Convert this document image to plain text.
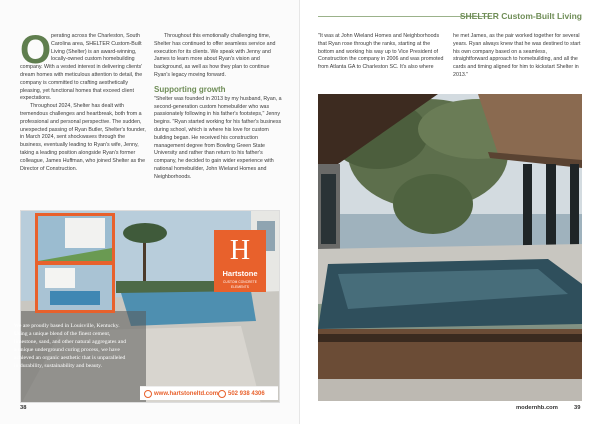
SHELTER Custom-Built Living
O perating across the Charleston, South Carolina area, SHELTER Custom-Built Living (Shelter) is an award-winning, locally-owned custom homebuilding company. With a vested interest in delivering clients' dream homes with meticulous attention to detail, the company is committed to crafting aesthetically pleasing, yet functional homes that exceed client expectations.

Throughout 2024, Shelter has dealt with tremendous challenges and heartbreak, both from a professional and personal perspective. The sudden, unexpected passing of Ryan Butler, Shelter's founder, in March 2024, sent shockwaves through the business, eventually leading to Ryan's wife, Jenny, taking a leading position alongside Ryan's former colleague, James Huffman, who joined Shelter as the Director of Construction.

Throughout this emotionally challenging time, Shelter has continued to offer seamless service and execution for its clients. We speak with Jenny and James to learn more about Ryan's vision and background, as well as how they plan to continue Ryan's legacy moving forward.

Supporting growth

"Shelter was founded in 2013 by my husband, Ryan, a second-generation custom homebuilder who was passionately following in his father's footsteps," Jenny begins. "Ryan started working for his father's business during school, which is where his love for custom building began. He received his construction management degree from Bowling Green State University and rather than return to his father's company, he decided to gain wider experience with national homebuilder, John Wieland Homes and Neighborhoods.

"It was at John Wieland Homes and Neighborhoods that Ryan rose through the ranks, starting at the bottom and working his way up to Vice President of Construction the company in 2006 and was promoted from Atlanta GA to Charleston SC. It's also where

he met James, as the pair worked together for several years. Ryan always knew that he was destined to start his own company based on a seamless, straightforward approach to homebuilding, and all the cards and timing aligned for him to kickstart Shelter in 2013."

H
Hartstone
CUSTOM CONCRETE ELEMENTS
We are proudly based in Louisville, Kentucky. Using a unique blend of the finest cement, limestone, sand, and other natural aggregates and a unique underground curing process, we have achieved an organic aesthetic that is unparalleled in durability, sustainability and beauty.
www.hartstoneltd.com 502 938 4306
38	modernhb.com	39
